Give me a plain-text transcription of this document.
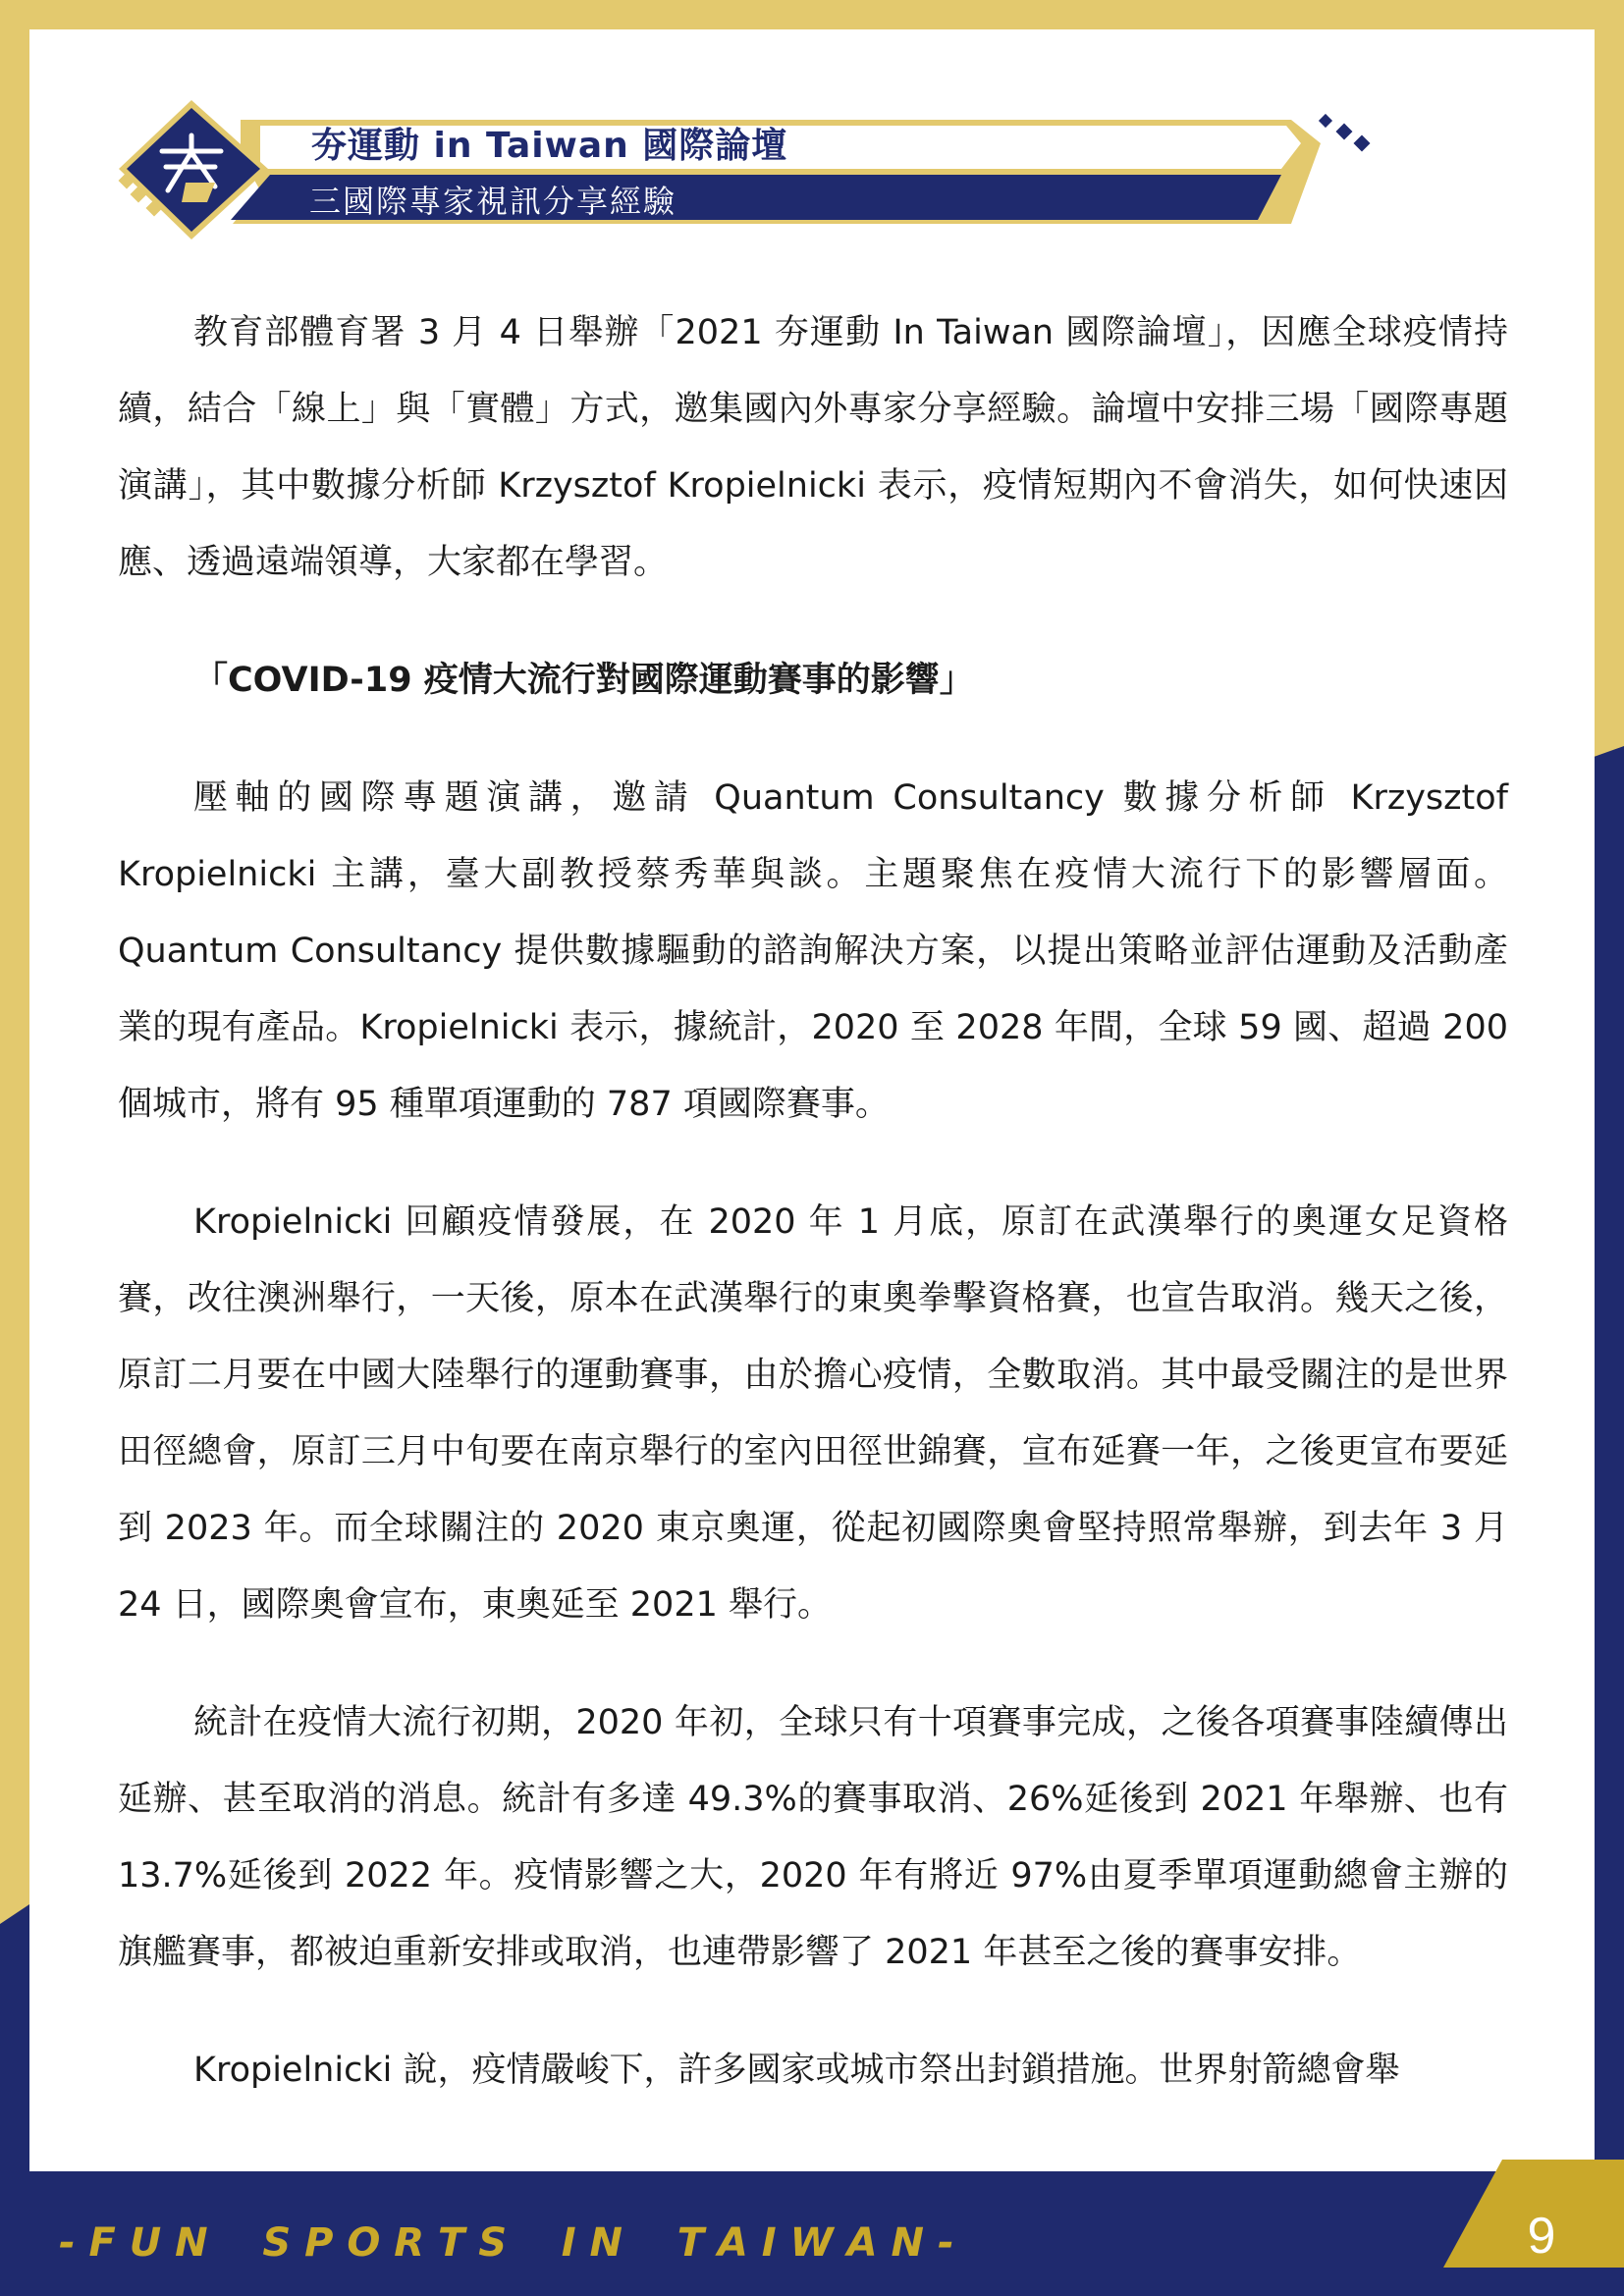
夯運動 in Taiwan 國際論壇
三國際專家視訊分享經驗

教育部體育署 3 月 4 日舉辦「2021 夯運動 In Taiwan 國際論壇」，因應全球疫情持續，結合「線上」與「實體」方式，邀集國內外專家分享經驗。論壇中安排三場「國際專題演講」，其中數據分析師 Krzysztof Kropielnicki 表示，疫情短期內不會消失，如何快速因應、透過遠端領導，大家都在學習。

「COVID-19 疫情大流行對國際運動賽事的影響」

壓軸的國際專題演講，邀請 Quantum Consultancy 數據分析師 Krzysztof Kropielnicki 主講，臺大副教授蔡秀華與談。主題聚焦在疫情大流行下的影響層面。Quantum Consultancy 提供數據驅動的諮詢解決方案，以提出策略並評估運動及活動產業的現有產品。Kropielnicki 表示，據統計，2020 至 2028 年間，全球 59 國、超過 200 個城市，將有 95 種單項運動的 787 項國際賽事。

Kropielnicki 回顧疫情發展，在 2020 年 1 月底，原訂在武漢舉行的奧運女足資格賽，改往澳洲舉行，一天後，原本在武漢舉行的東奧拳擊資格賽，也宣告取消。幾天之後，原訂二月要在中國大陸舉行的運動賽事，由於擔心疫情，全數取消。其中最受關注的是世界田徑總會，原訂三月中旬要在南京舉行的室內田徑世錦賽，宣布延賽一年，之後更宣布要延到 2023 年。而全球關注的 2020 東京奧運，從起初國際奧會堅持照常舉辦，到去年 3 月 24 日，國際奧會宣布，東奧延至 2021 舉行。

統計在疫情大流行初期，2020 年初，全球只有十項賽事完成，之後各項賽事陸續傳出延辦、甚至取消的消息。統計有多達 49.3%的賽事取消、26%延後到 2021 年舉辦、也有 13.7%延後到 2022 年。疫情影響之大，2020 年有將近 97%由夏季單項運動總會主辦的旗艦賽事，都被迫重新安排或取消，也連帶影響了 2021 年甚至之後的賽事安排。

Kropielnicki 說，疫情嚴峻下，許多國家或城市祭出封鎖措施。世界射箭總會舉

- F U N    S P O R T S    I N    T A I W A N -	9
